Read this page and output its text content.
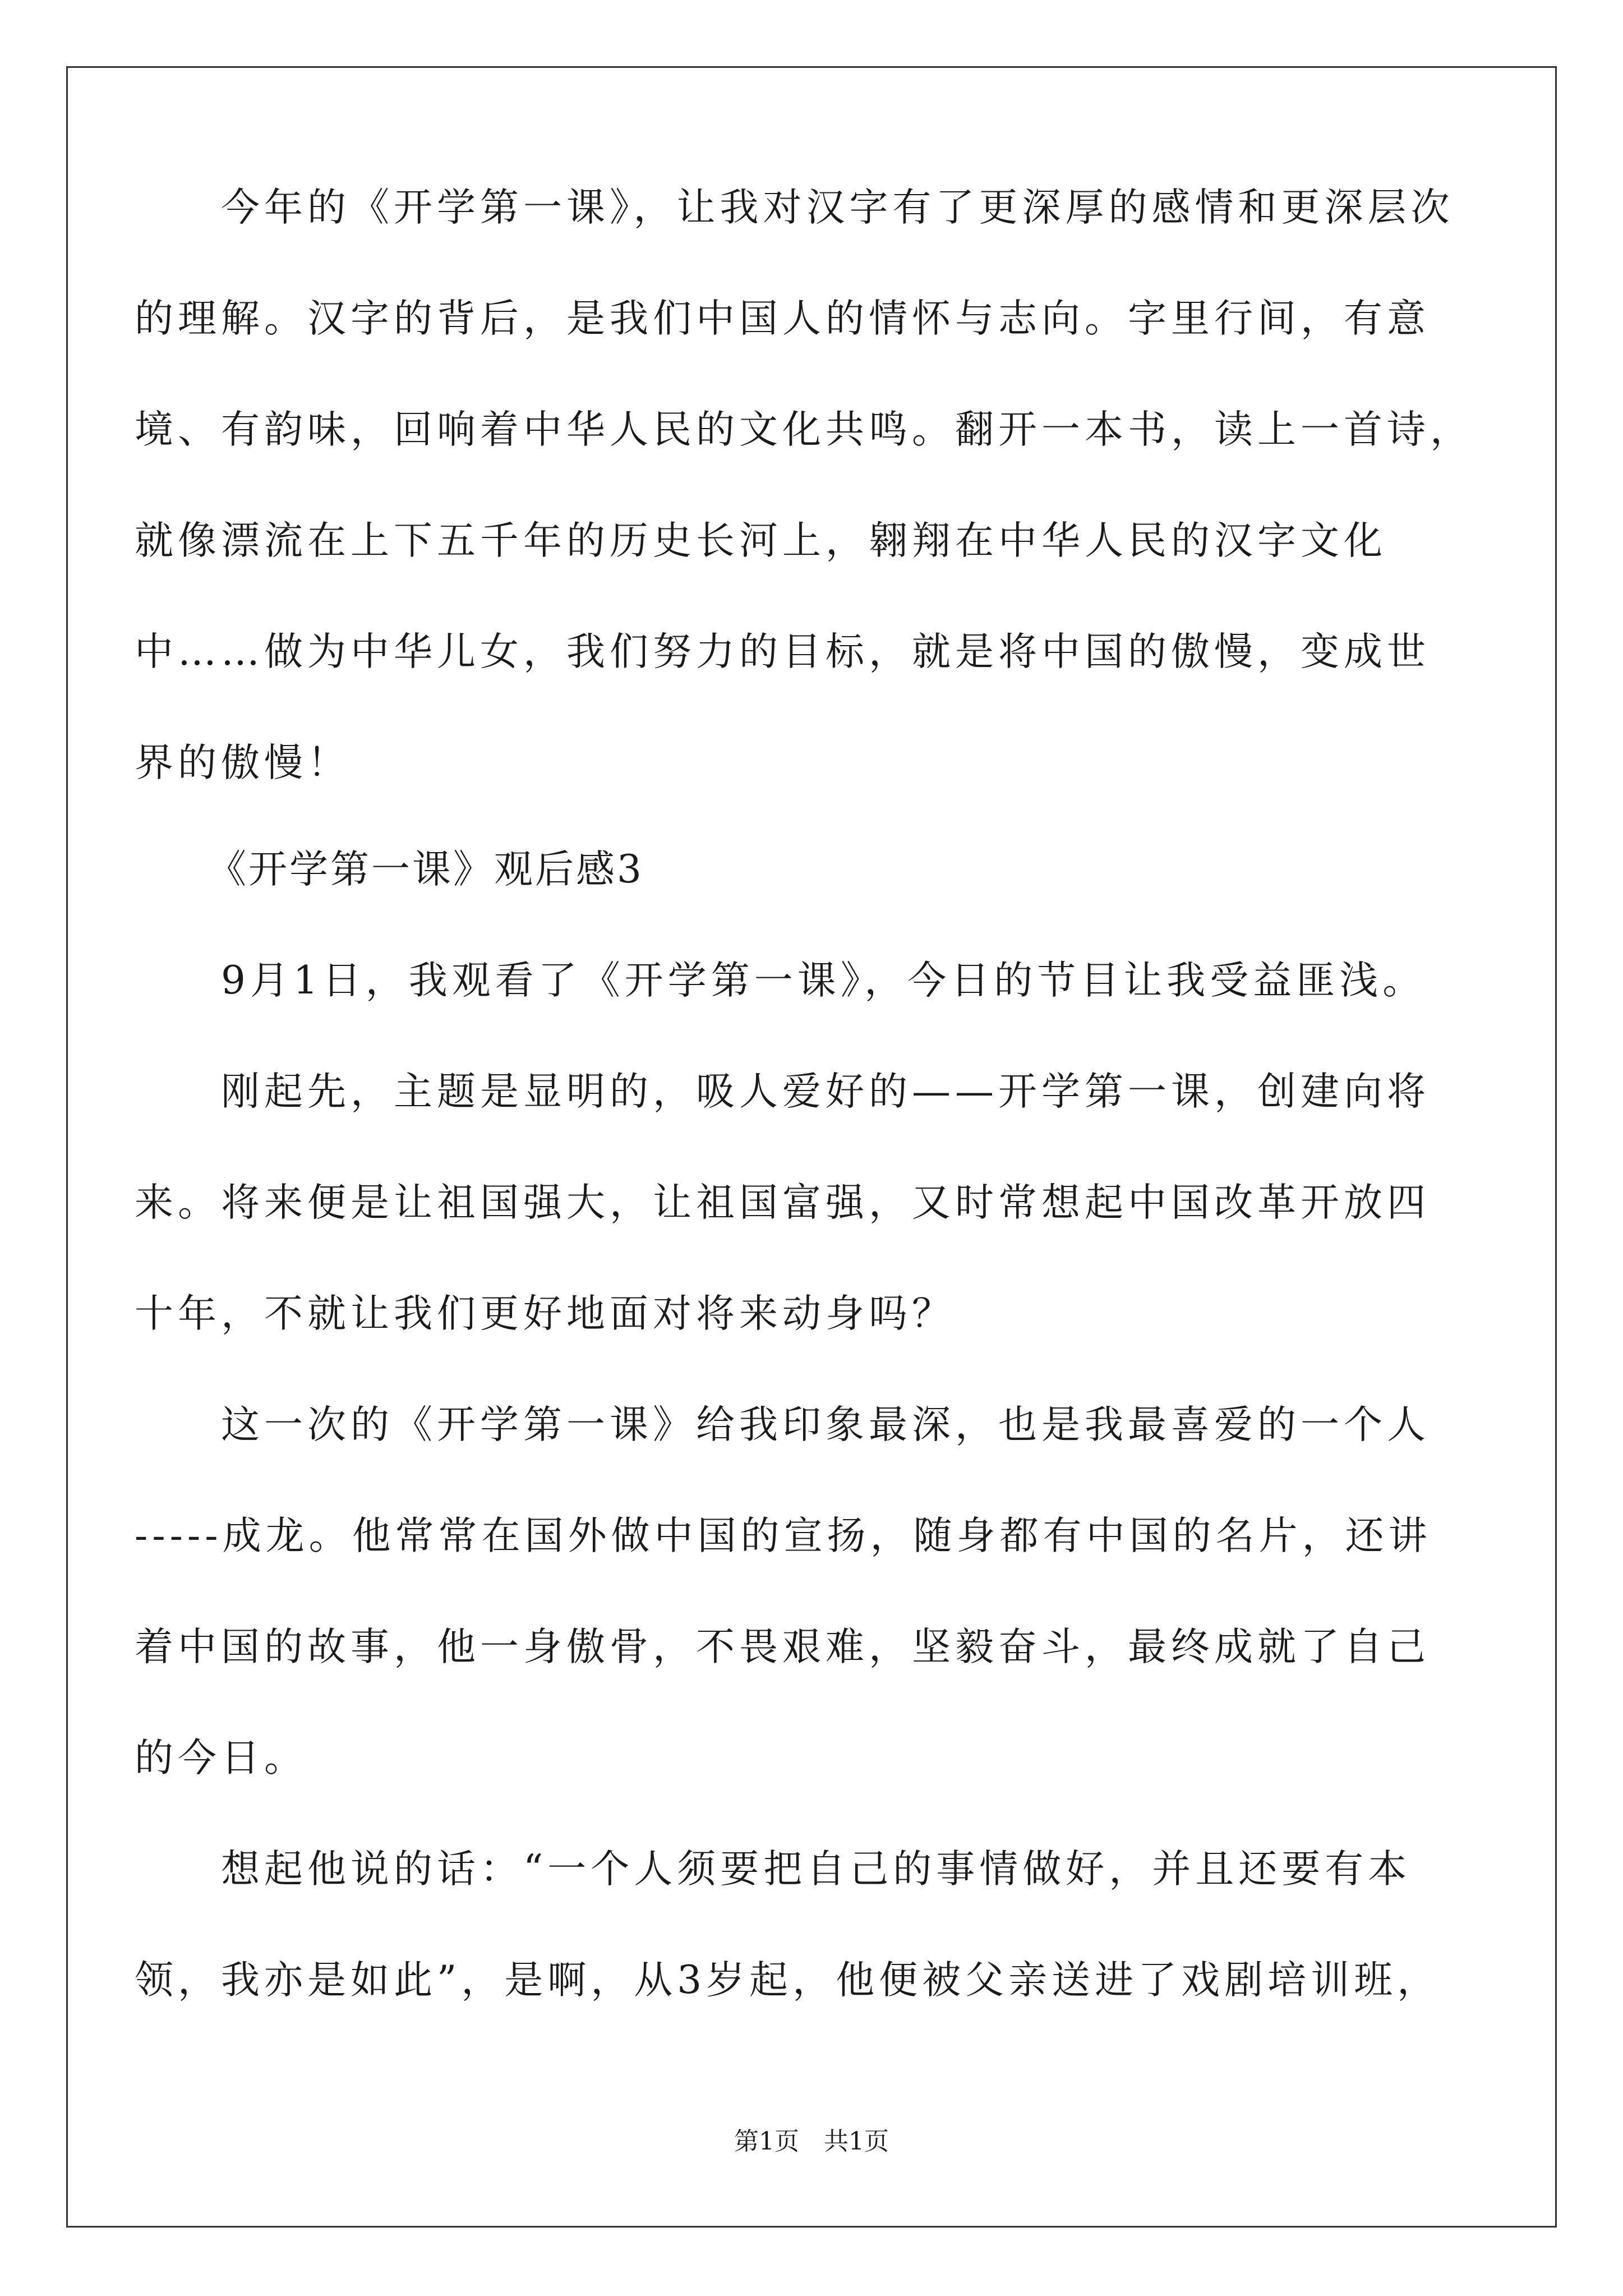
　　今年的《开学第一课》，让我对汉字有了更深厚的感情和更深层次
的理解。汉字的背后，是我们中国人的情怀与志向。字里行间，有意
境、有韵味，回响着中华人民的文化共鸣。翻开一本书，读上一首诗，
就像漂流在上下五千年的历史长河上，翱翔在中华人民的汉字文化
中……做为中华儿女，我们努力的目标，就是将中国的傲慢，变成世
界的傲慢！
《开学第一课》观后感3
　　9月1日，我观看了《开学第一课》，今日的节目让我受益匪浅。
　　刚起先，主题是显明的，吸人爱好的——开学第一课，创建向将
来。将来便是让祖国强大，让祖国富强，又时常想起中国改革开放四
十年，不就让我们更好地面对将来动身吗？
　　这一次的《开学第一课》给我印象最深，也是我最喜爱的一个人
-----成龙。他常常在国外做中国的宣扬，随身都有中国的名片，还讲
着中国的故事，他一身傲骨，不畏艰难，坚毅奋斗，最终成就了自己
的今日。
　　想起他说的话：“一个人须要把自己的事情做好，并且还要有本
领，我亦是如此”，是啊，从3岁起，他便被父亲送进了戏剧培训班，
第1页　共1页
